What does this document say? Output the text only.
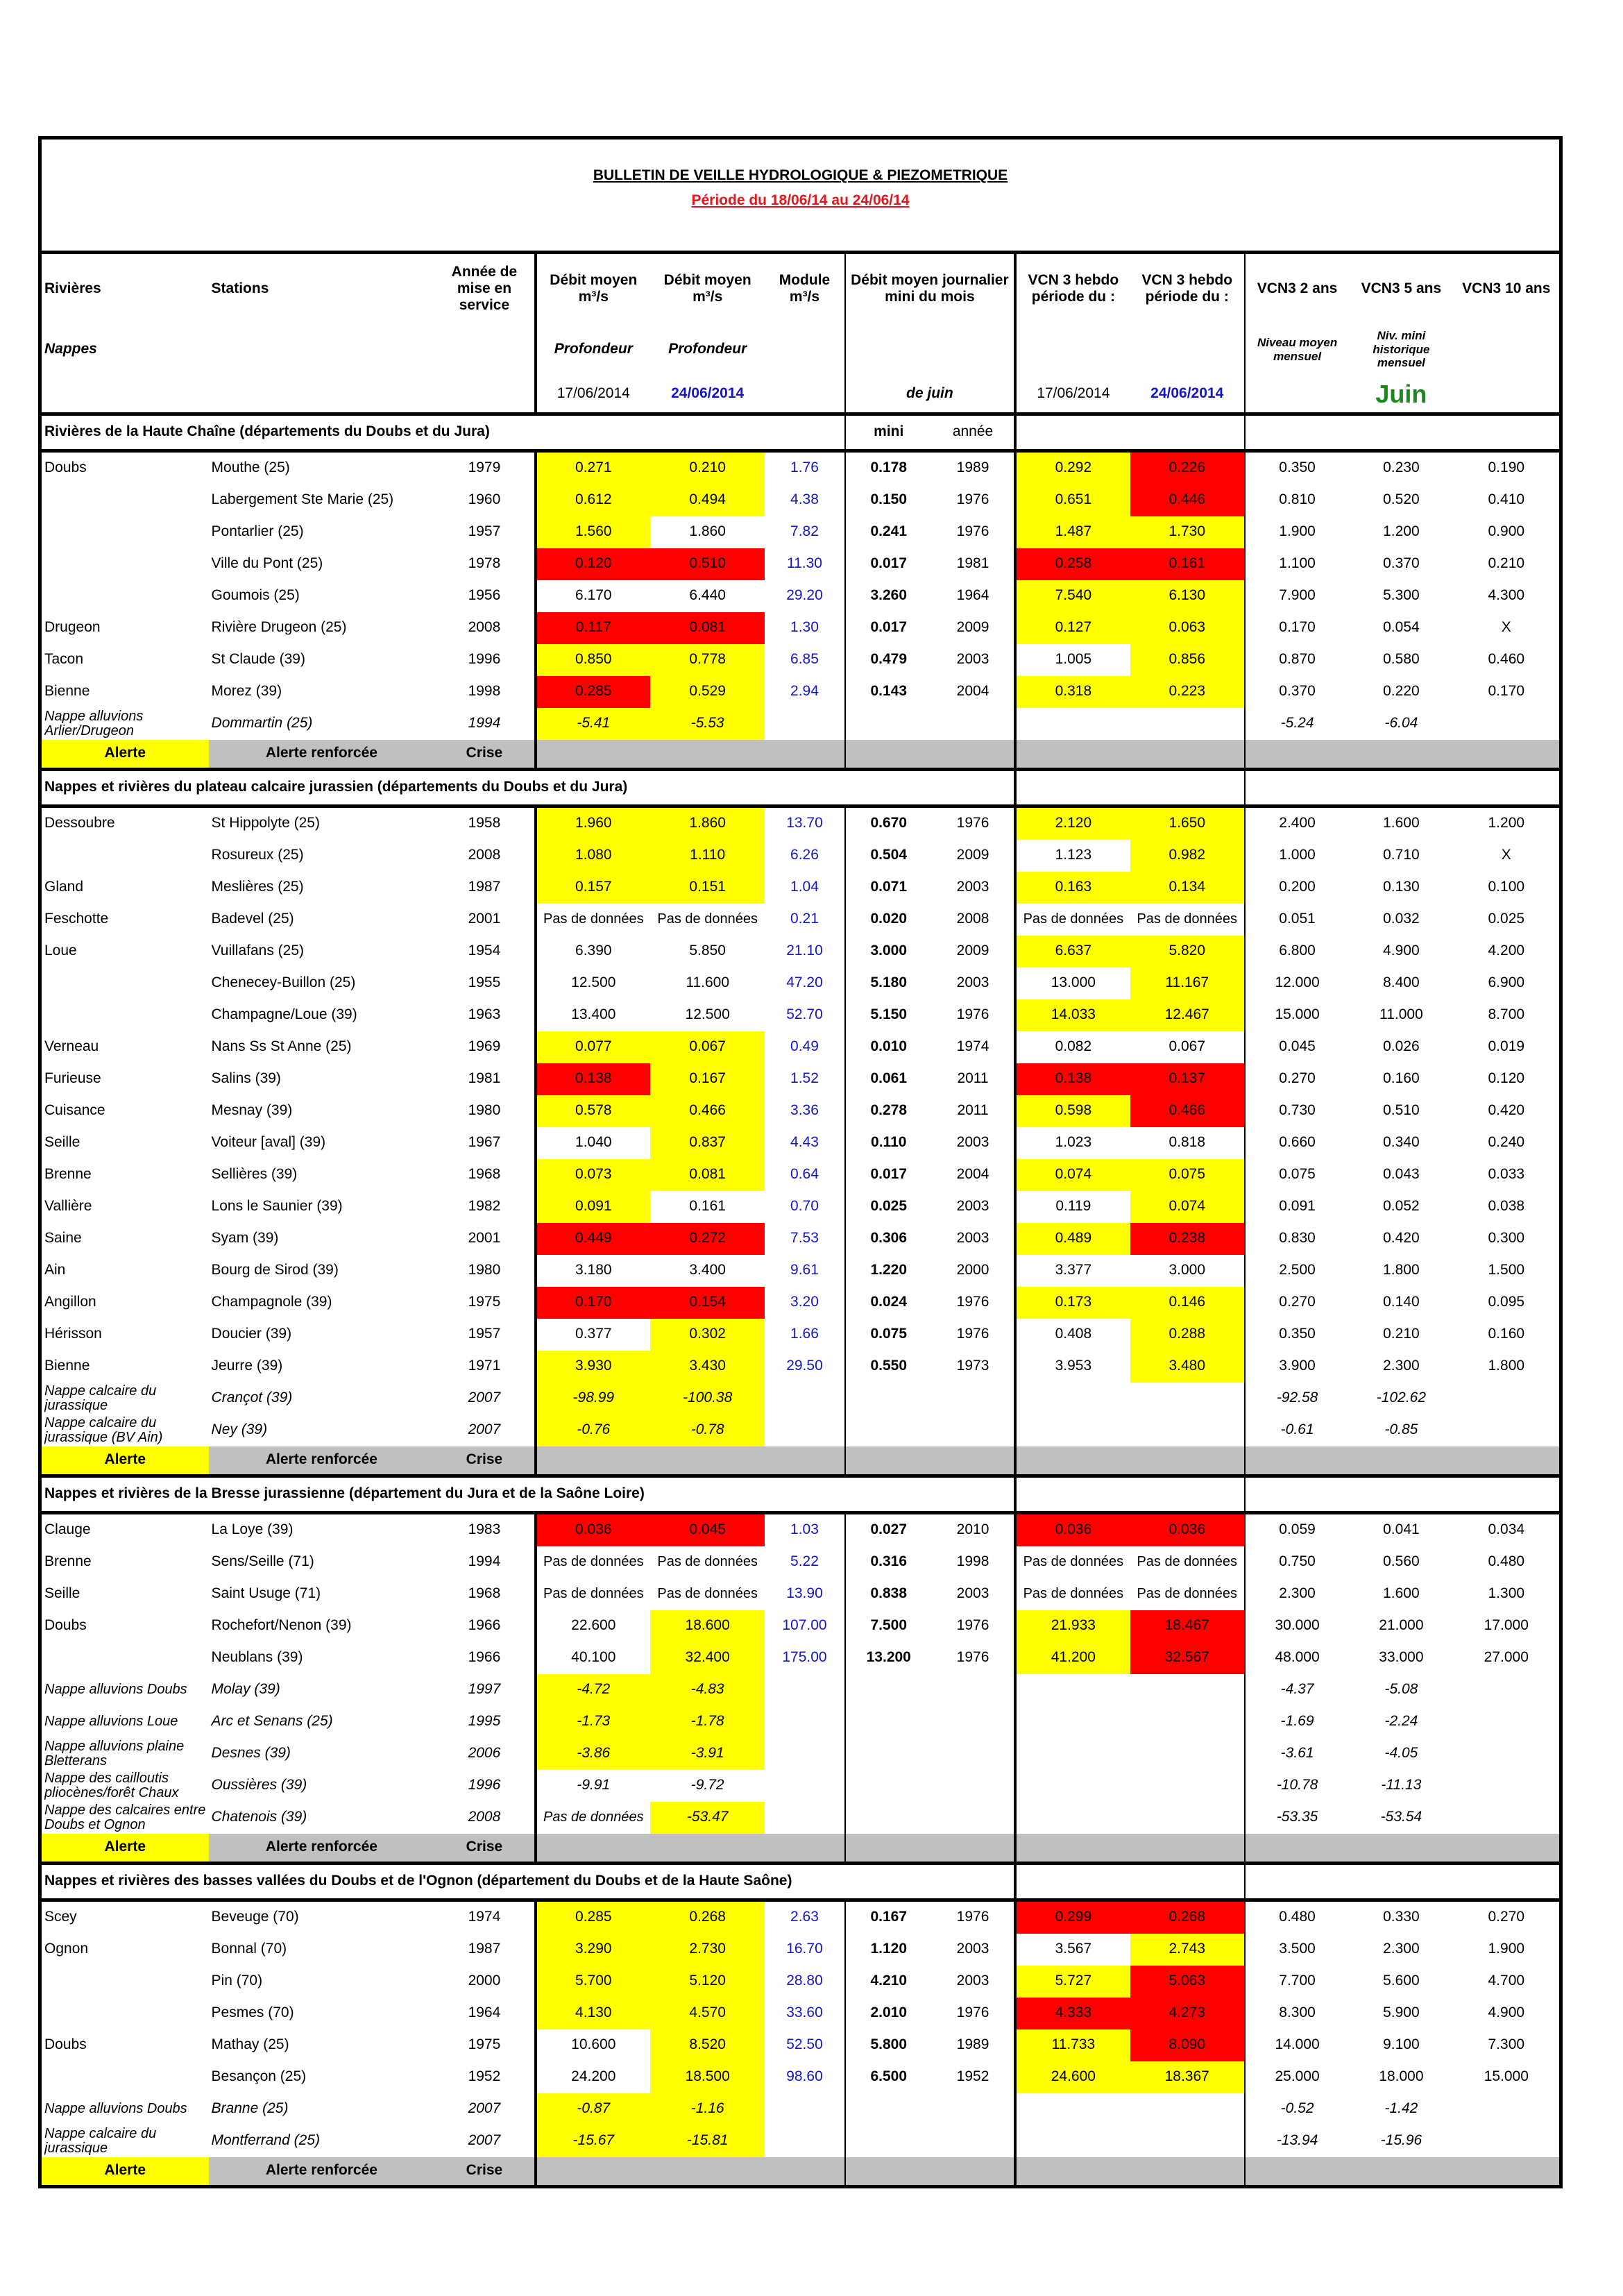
BULLETIN DE VEILLE HYDROLOGIQUE & PIEZOMETRIQUE
Période du 18/06/14 au 24/06/14
Rivières	Stations	Année de mise en service	Débit moyen m³/s	Débit moyen m³/s	Module m³/s	Débit moyen journalier mini du mois		VCN 3 hebdo période du :	VCN 3 hebdo période du :	VCN3 2 ans	VCN3 5 ans	VCN3 10 ans
Nappes			Profondeur	Profondeur						Niveau moyen mensuel	Niv. mini historique mensuel	
			17/06/2014	24/06/2014		de juin		17/06/2014	24/06/2014		Juin	
Rivières de la Haute Chaîne (départements du Doubs et du Jura)						mini	année					
Doubs	Mouthe (25)	1979	0.271	0.210	1.76	0.178	1989	0.292	0.226	0.350	0.230	0.190
	Labergement Ste Marie (25)	1960	0.612	0.494	4.38	0.150	1976	0.651	0.446	0.810	0.520	0.410
	Pontarlier (25)	1957	1.560	1.860	7.82	0.241	1976	1.487	1.730	1.900	1.200	0.900
	Ville du Pont (25)	1978	0.120	0.510	11.30	0.017	1981	0.258	0.161	1.100	0.370	0.210
	Goumois (25)	1956	6.170	6.440	29.20	3.260	1964	7.540	6.130	7.900	5.300	4.300
Drugeon	Rivière Drugeon (25)	2008	0.117	0.081	1.30	0.017	2009	0.127	0.063	0.170	0.054	X
Tacon	St Claude (39)	1996	0.850	0.778	6.85	0.479	2003	1.005	0.856	0.870	0.580	0.460
Bienne	Morez (39)	1998	0.285	0.529	2.94	0.143	2004	0.318	0.223	0.370	0.220	0.170

Nappe alluvions Arlier/Drugeon	Dommartin (25)	1994	-5.41	-5.53						-5.24	-6.04	
Alerte	Alerte renforcée	Crise										
Nappes et rivières du plateau calcaire jurassien (départements du Doubs et du Jura)												
Dessoubre	St Hippolyte (25)	1958	1.960	1.860	13.70	0.670	1976	2.120	1.650	2.400	1.600	1.200
	Rosureux (25)	2008	1.080	1.110	6.26	0.504	2009	1.123	0.982	1.000	0.710	X
Gland	Meslières (25)	1987	0.157	0.151	1.04	0.071	2003	0.163	0.134	0.200	0.130	0.100
Feschotte	Badevel (25)	2001	Pas de données	Pas de données	0.21	0.020	2008	Pas de données	Pas de données	0.051	0.032	0.025
Loue	Vuillafans (25)	1954	6.390	5.850	21.10	3.000	2009	6.637	5.820	6.800	4.900	4.200
	Chenecey-Buillon (25)	1955	12.500	11.600	47.20	5.180	2003	13.000	11.167	12.000	8.400	6.900
	Champagne/Loue (39)	1963	13.400	12.500	52.70	5.150	1976	14.033	12.467	15.000	11.000	8.700
Verneau	Nans Ss St Anne (25)	1969	0.077	0.067	0.49	0.010	1974	0.082	0.067	0.045	0.026	0.019
Furieuse	Salins (39)	1981	0.138	0.167	1.52	0.061	2011	0.138	0.137	0.270	0.160	0.120
Cuisance	Mesnay (39)	1980	0.578	0.466	3.36	0.278	2011	0.598	0.466	0.730	0.510	0.420
Seille	Voiteur [aval] (39)	1967	1.040	0.837	4.43	0.110	2003	1.023	0.818	0.660	0.340	0.240
Brenne	Sellières (39)	1968	0.073	0.081	0.64	0.017	2004	0.074	0.075	0.075	0.043	0.033
Vallière	Lons le Saunier (39)	1982	0.091	0.161	0.70	0.025	2003	0.119	0.074	0.091	0.052	0.038
Saine	Syam (39)	2001	0.449	0.272	7.53	0.306	2003	0.489	0.238	0.830	0.420	0.300
Ain	Bourg de Sirod (39)	1980	3.180	3.400	9.61	1.220	2000	3.377	3.000	2.500	1.800	1.500
Angillon	Champagnole (39)	1975	0.170	0.154	3.20	0.024	1976	0.173	0.146	0.270	0.140	0.095
Hérisson	Doucier (39)	1957	0.377	0.302	1.66	0.075	1976	0.408	0.288	0.350	0.210	0.160
Bienne	Jeurre (39)	1971	3.930	3.430	29.50	0.550	1973	3.953	3.480	3.900	2.300	1.800

Nappe calcaire du jurassique	Crançot (39)	2007	-98.99	-100.38						-92.58	-102.62	

Nappe calcaire du jurassique (BV Ain)	Ney (39)	2007	-0.76	-0.78						-0.61	-0.85	
Alerte	Alerte renforcée	Crise										
Nappes et rivières de la Bresse jurassienne (département du Jura et de la Saône Loire)												
Clauge	La Loye (39)	1983	0.036	0.045	1.03	0.027	2010	0.036	0.036	0.059	0.041	0.034
Brenne	Sens/Seille (71)	1994	Pas de données	Pas de données	5.22	0.316	1998	Pas de données	Pas de données	0.750	0.560	0.480
Seille	Saint Usuge (71)	1968	Pas de données	Pas de données	13.90	0.838	2003	Pas de données	Pas de données	2.300	1.600	1.300
Doubs	Rochefort/Nenon (39)	1966	22.600	18.600	107.00	7.500	1976	21.933	18.467	30.000	21.000	17.000
	Neublans (39)	1966	40.100	32.400	175.00	13.200	1976	41.200	32.567	48.000	33.000	27.000

Nappe alluvions Doubs	Molay (39)	1997	-4.72	-4.83						-4.37	-5.08	

Nappe alluvions Loue	Arc et Senans (25)	1995	-1.73	-1.78						-1.69	-2.24	

Nappe alluvions plaine Bletterans	Desnes (39)	2006	-3.86	-3.91						-3.61	-4.05	

Nappe des cailloutis pliocènes/forêt Chaux	Oussières (39)	1996	-9.91	-9.72						-10.78	-11.13	

Nappe des calcaires entre Doubs et Ognon	Chatenois (39)	2008	Pas de données	-53.47						-53.35	-53.54	
Alerte	Alerte renforcée	Crise										
Nappes et rivières des basses vallées du Doubs et de l'Ognon (département du Doubs et de la Haute Saône)												
Scey	Beveuge (70)	1974	0.285	0.268	2.63	0.167	1976	0.299	0.268	0.480	0.330	0.270
Ognon	Bonnal (70)	1987	3.290	2.730	16.70	1.120	2003	3.567	2.743	3.500	2.300	1.900
	Pin (70)	2000	5.700	5.120	28.80	4.210	2003	5.727	5.063	7.700	5.600	4.700
	Pesmes (70)	1964	4.130	4.570	33.60	2.010	1976	4.333	4.273	8.300	5.900	4.900
Doubs	Mathay (25)	1975	10.600	8.520	52.50	5.800	1989	11.733	8.090	14.000	9.100	7.300
	Besançon (25)	1952	24.200	18.500	98.60	6.500	1952	24.600	18.367	25.000	18.000	15.000

Nappe alluvions Doubs	Branne (25)	2007	-0.87	-1.16						-0.52	-1.42	

Nappe calcaire du jurassique	Montferrand (25)	2007	-15.67	-15.81						-13.94	-15.96	
Alerte	Alerte renforcée	Crise										
